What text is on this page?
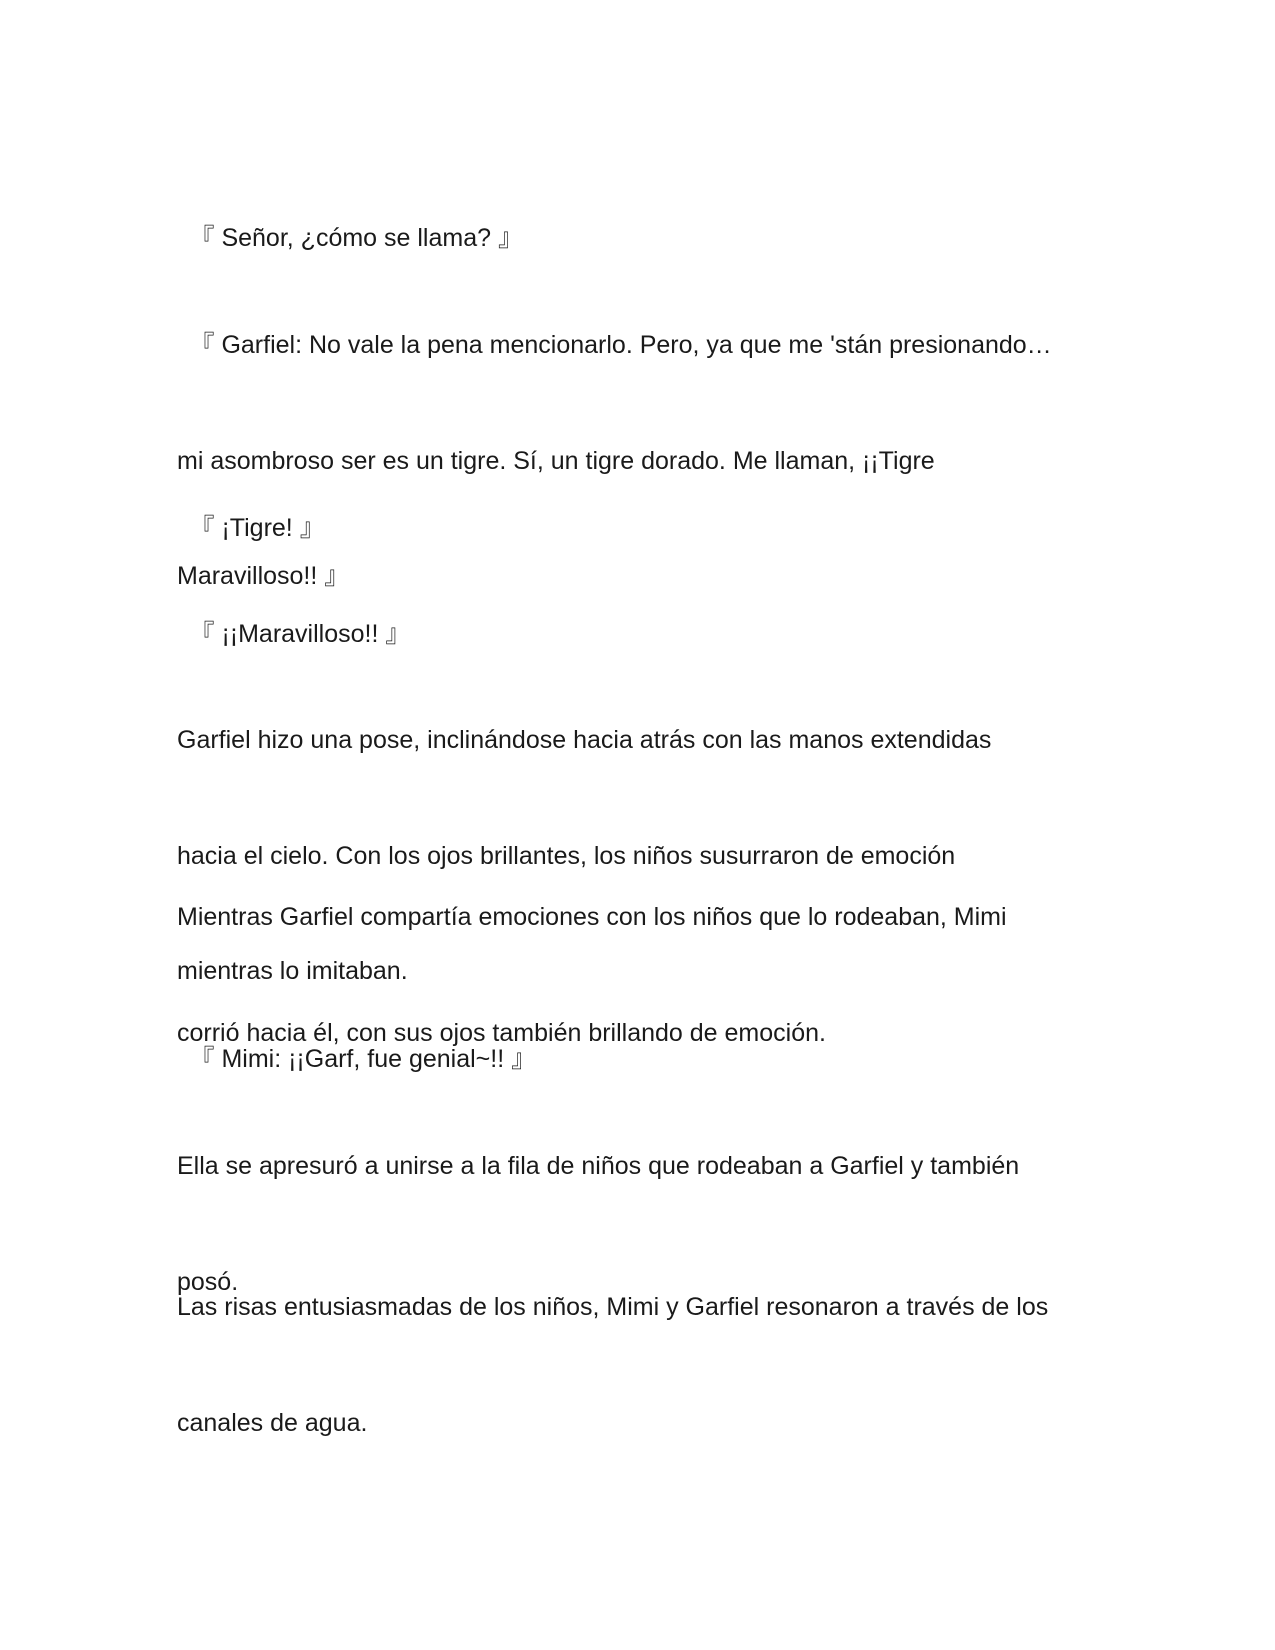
　『 Señor, ¿cómo se llama? 』

　『 Garfiel: No vale la pena mencionarlo. Pero, ya que me 'stán presionando…

mi asombroso ser es un tigre. Sí, un tigre dorado. Me llaman, ¡¡Tigre

Maravilloso!! 』

　『 ¡Tigre! 』

　『 ¡¡Maravilloso!! 』

Garfiel hizo una pose, inclinándose hacia atrás con las manos extendidas

hacia el cielo. Con los ojos brillantes, los niños susurraron de emoción

mientras lo imitaban.

Mientras Garfiel compartía emociones con los niños que lo rodeaban, Mimi

corrió hacia él, con sus ojos también brillando de emoción.

　『 Mimi: ¡¡Garf, fue genial~!! 』

Ella se apresuró a unirse a la fila de niños que rodeaban a Garfiel y también

posó.

Las risas entusiasmadas de los niños, Mimi y Garfiel resonaron a través de los

canales de agua.
